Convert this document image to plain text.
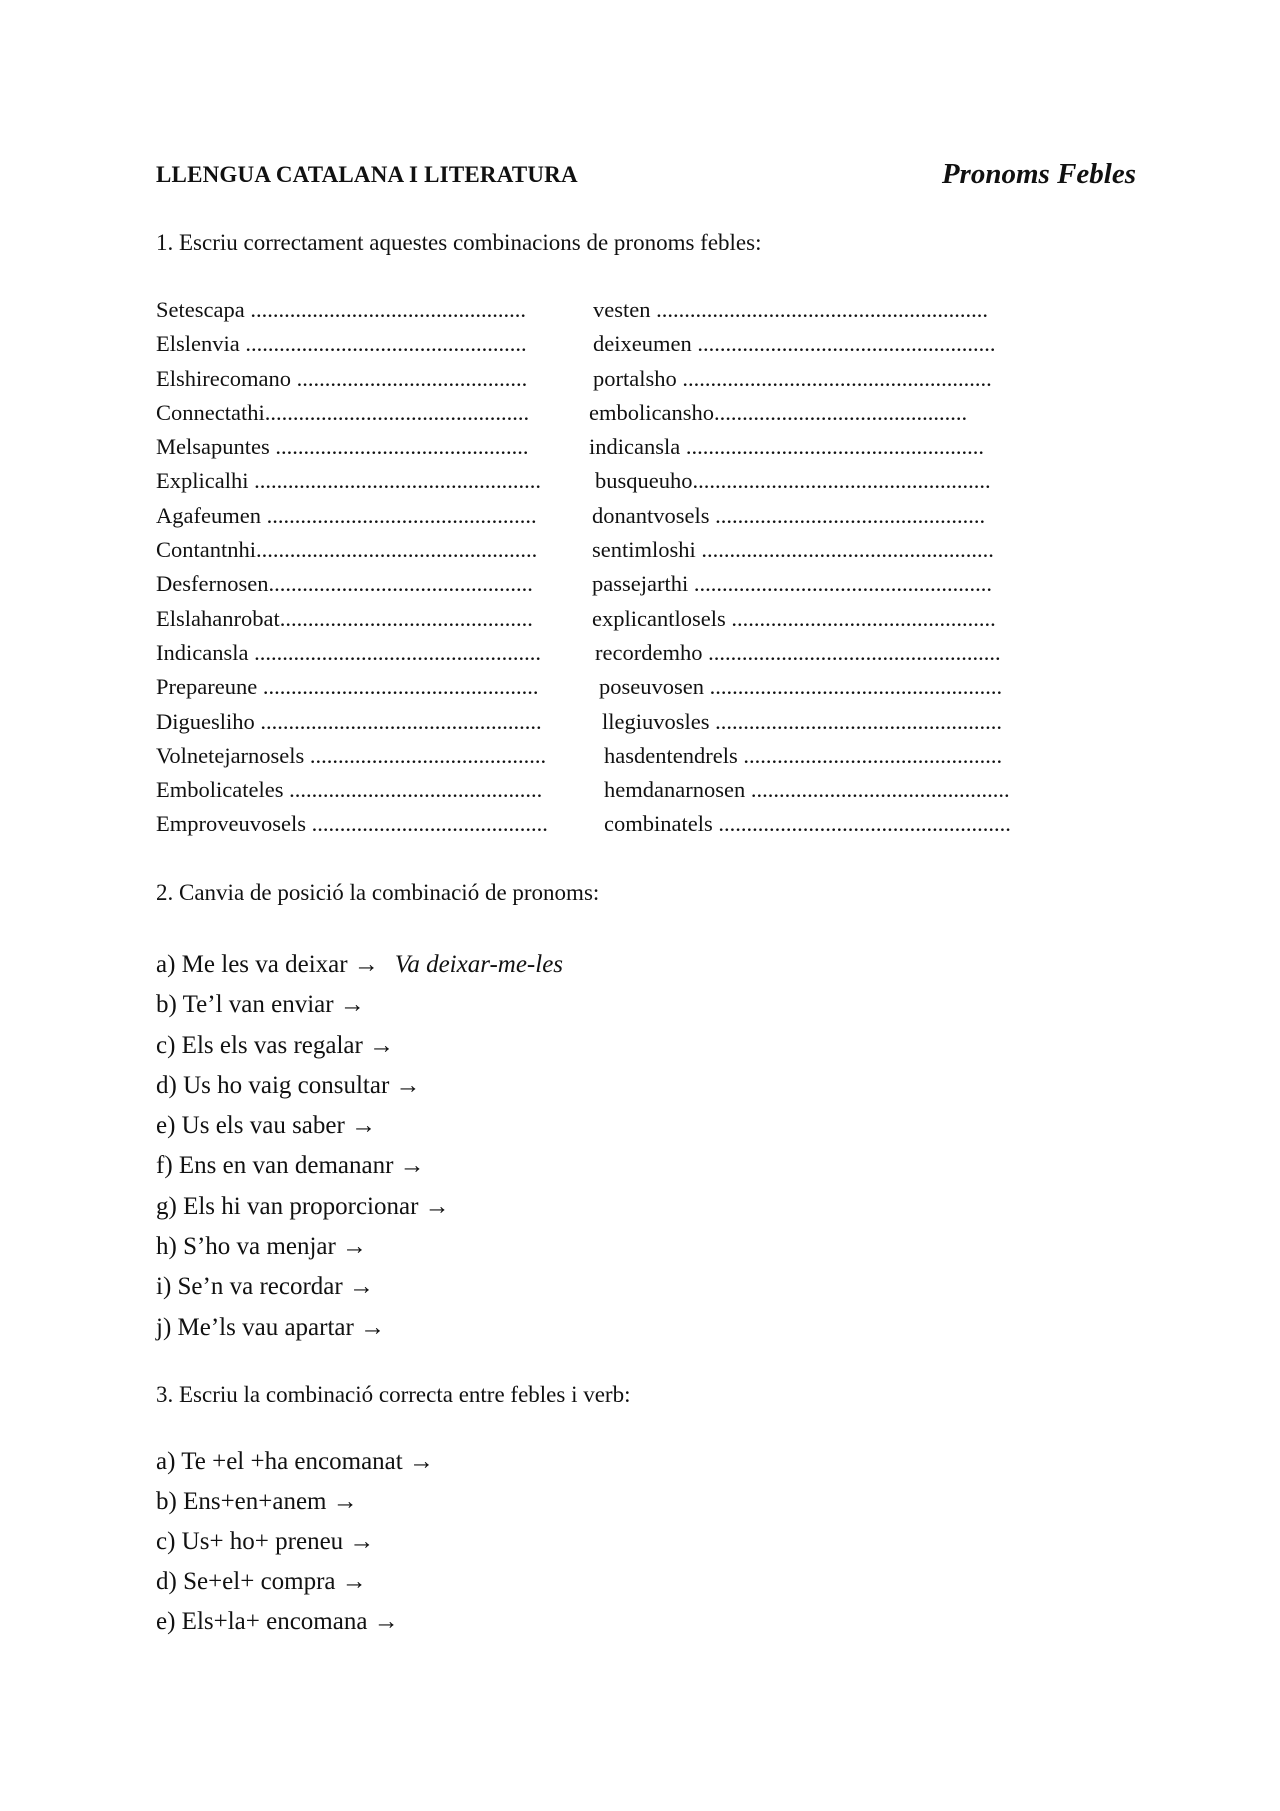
LLENGUA CATALANA I LITERATURA	Pronoms Febles
1. Escriu correctament aquestes combinacions de pronoms febles:
Setescapa .................................................	vesten ...........................................................
Elslenvia ..................................................	deixeumen .....................................................
Elshirecomano .........................................	portalsho .......................................................
Connectathi...............................................	embolicansho.............................................
Melsapuntes .............................................	indicansla .....................................................
Explicalhi ................................................... busqueuho.....................................................
Agafeumen ................................................ donantvosels ................................................
Contantnhi.................................................. sentimloshi ....................................................
Desfernosen...............................................	passejarthi .....................................................
Elslahanrobat.............................................	explicantlosels ...............................................
Indicansla ................................................... recordemho ....................................................
Prepareune .................................................	poseuvosen ....................................................
Diguesliho ..................................................	llegiuvosles ...................................................
Volnetejarnosels ..........................................	hasdentendrels ..............................................
Embolicateles .............................................	hemdanarnosen ..............................................
Emproveuvosels .......................................... combinatels ....................................................
2. Canvia de posició la combinació de pronoms:
a) Me les va deixar → Va deixar-me-les
b) Te’l van enviar →
c) Els els vas regalar →
d) Us ho vaig consultar →
e) Us els vau saber →
f) Ens en van demananr →
g) Els hi van proporcionar →
h) S’ho va menjar →
i) Se’n va recordar →
j) Me’ls vau apartar →
3. Escriu la combinació correcta entre febles i verb:
a) Te +el +ha encomanat →
b) Ens+en+anem →
c) Us+ ho+ preneu →
d) Se+el+ compra →
e) Els+la+ encomana →
